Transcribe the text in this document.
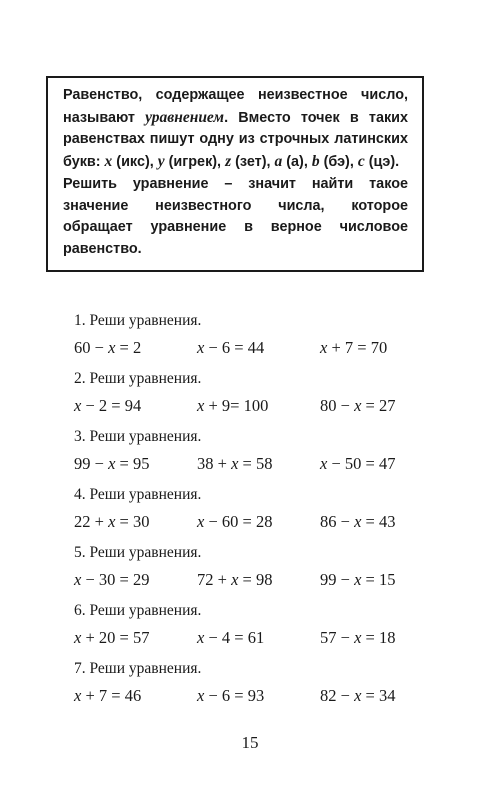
Равенство, содержащее неизвестное число, называют уравнением. Вместо точек в таких равенствах пишут одну из строчных латинских букв: x (икс), y (игрек), z (зет), a (а), b (бэ), c (цэ).

Решить уравнение – значит найти такое значение неизвестного числа, которое обращает уравнение в верное числовое равенство.

1. Реши уравнения.
60 − x = 2	x − 6 = 44	x + 7 = 70
2. Реши уравнения.
x − 2 = 94	x + 9= 100	80 − x = 27
3. Реши уравнения.
99 − x = 95	38 + x = 58	x − 50 = 47
4. Реши уравнения.
22 + x = 30	x − 60 = 28	86 − x = 43
5. Реши уравнения.
x − 30 = 29	72 + x = 98	99 − x = 15
6. Реши уравнения.
x + 20 = 57	x − 4 = 61	57 − x = 18
7. Реши уравнения.
x + 7 = 46	x − 6 = 93	82 − x = 34
15
